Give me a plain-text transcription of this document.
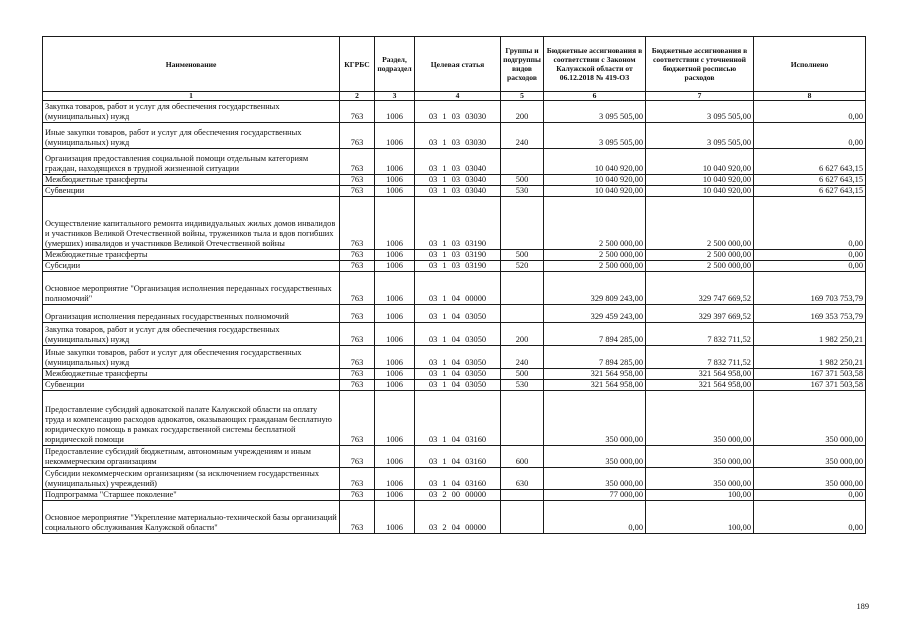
Наименование	КГРБС	Раздел, подраздел	Целевая статья	Группы и подгруппы видов расходов	Бюджетные ассигнования в соответствии с Законом Калужской области от 06.12.2018 № 419-ОЗ	Бюджетные ассигнования в соответствии с уточненной бюджетной росписью расходов	Исполнено
1	2	3	4	5	6	7	8
Закупка товаров, работ и услуг для обеспечения государственных (муниципальных) нужд	763	1006	03 1 03 03030	200	3 095 505,00	3 095 505,00	0,00
Иные закупки товаров, работ и услуг для обеспечения государственных (муниципальных) нужд	763	1006	03 1 03 03030	240	3 095 505,00	3 095 505,00	0,00
Организация предоставления социальной помощи отдельным категориям граждан, находящихся в трудной жизненной ситуации	763	1006	03 1 03 03040		10 040 920,00	10 040 920,00	6 627 643,15
Межбюджетные трансферты	763	1006	03 1 03 03040	500	10 040 920,00	10 040 920,00	6 627 643,15
Субвенции	763	1006	03 1 03 03040	530	10 040 920,00	10 040 920,00	6 627 643,15
Осуществление капитального ремонта индивидуальных жилых домов инвалидов и участников Великой Отечественной войны, тружеников тыла и вдов погибших (умерших) инвалидов и участников Великой Отечественной войны	763	1006	03 1 03 03190		2 500 000,00	2 500 000,00	0,00
Межбюджетные трансферты	763	1006	03 1 03 03190	500	2 500 000,00	2 500 000,00	0,00
Субсидии	763	1006	03 1 03 03190	520	2 500 000,00	2 500 000,00	0,00
Основное мероприятие "Организация исполнения переданных государственных полномочий"	763	1006	03 1 04 00000		329 809 243,00	329 747 669,52	169 703 753,79
Организация исполнения переданных государственных полномочий	763	1006	03 1 04 03050		329 459 243,00	329 397 669,52	169 353 753,79
Закупка товаров, работ и услуг для обеспечения государственных (муниципальных) нужд	763	1006	03 1 04 03050	200	7 894 285,00	7 832 711,52	1 982 250,21
Иные закупки товаров, работ и услуг для обеспечения государственных (муниципальных) нужд	763	1006	03 1 04 03050	240	7 894 285,00	7 832 711,52	1 982 250,21
Межбюджетные трансферты	763	1006	03 1 04 03050	500	321 564 958,00	321 564 958,00	167 371 503,58
Субвенции	763	1006	03 1 04 03050	530	321 564 958,00	321 564 958,00	167 371 503,58
Предоставление субсидий адвокатской палате Калужской области на оплату труда и компенсацию расходов адвокатов, оказывающих гражданам бесплатную юридическую помощь в рамках государственной системы бесплатной юридической помощи	763	1006	03 1 04 03160		350 000,00	350 000,00	350 000,00
Предоставление субсидий бюджетным, автономным учреждениям и иным некоммерческим организациям	763	1006	03 1 04 03160	600	350 000,00	350 000,00	350 000,00
Субсидии некоммерческим организациям (за исключением государственных (муниципальных) учреждений)	763	1006	03 1 04 03160	630	350 000,00	350 000,00	350 000,00
Подпрограмма "Старшее поколение"	763	1006	03 2 00 00000		77 000,00	100,00	0,00
Основное мероприятие "Укрепление материально-технической базы организаций социального обслуживания Калужской области"	763	1006	03 2 04 00000		0,00	100,00	0,00
189
